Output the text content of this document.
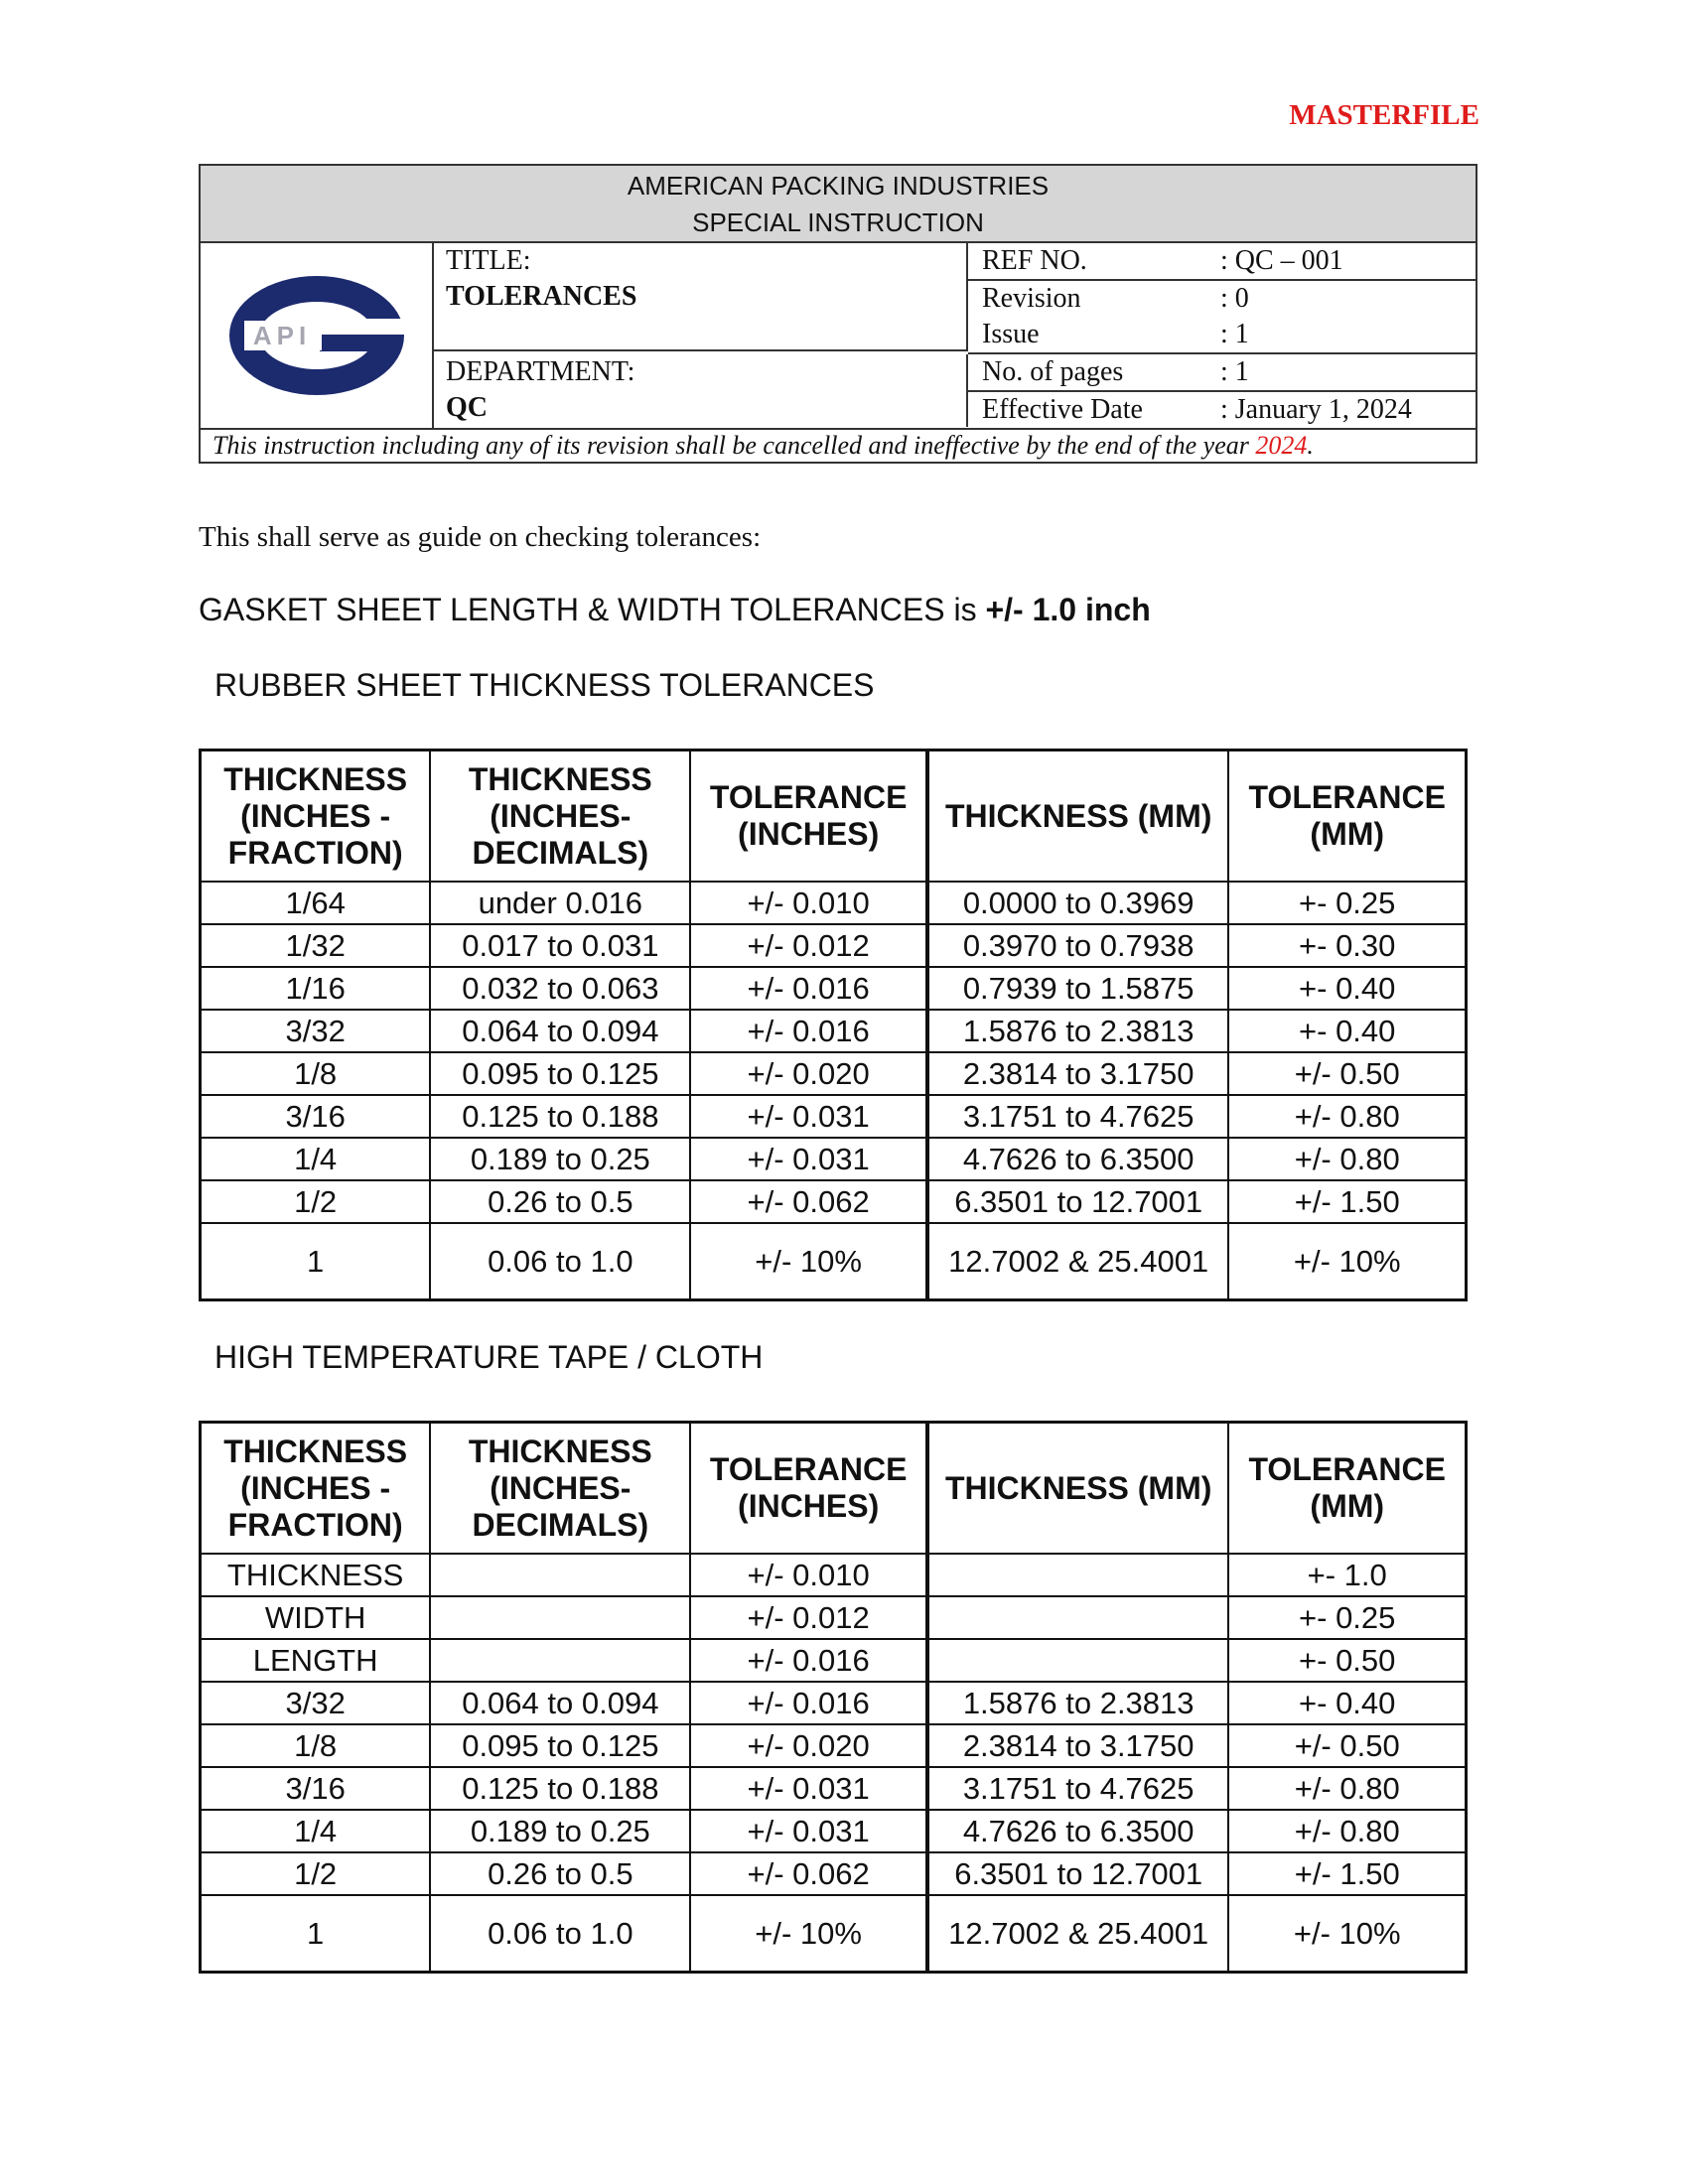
MASTERFILE
AMERICAN PACKING INDUSTRIES
SPECIAL INSTRUCTION
API
TITLE:
TOLERANCES
REF NO.	: QC – 001
Revision	: 0
Issue	: 1
DEPARTMENT:
QC
No. of pages	: 1
Effective Date	: January 1, 2024
This instruction including any of its revision shall be cancelled and ineffective by the end of the year 2024.
This shall serve as guide on checking tolerances:
GASKET SHEET LENGTH & WIDTH TOLERANCES is +/- 1.0 inch
RUBBER SHEET THICKNESS TOLERANCES
THICKNESS (INCHES - FRACTION)	THICKNESS (INCHES- DECIMALS)	TOLERANCE (INCHES)	THICKNESS (MM)	TOLERANCE (MM)
1/64	under 0.016	+/- 0.010	0.0000 to 0.3969	+- 0.25
1/32	0.017 to 0.031	+/- 0.012	0.3970 to 0.7938	+- 0.30
1/16	0.032 to 0.063	+/- 0.016	0.7939 to 1.5875	+- 0.40
3/32	0.064 to 0.094	+/- 0.016	1.5876 to 2.3813	+- 0.40
1/8	0.095 to 0.125	+/- 0.020	2.3814 to 3.1750	+/- 0.50
3/16	0.125 to 0.188	+/- 0.031	3.1751 to 4.7625	+/- 0.80
1/4	0.189 to 0.25	+/- 0.031	4.7626 to 6.3500	+/- 0.80
1/2	0.26 to 0.5	+/- 0.062	6.3501 to 12.7001	+/- 1.50
1	0.06 to 1.0	+/- 10%	12.7002 & 25.4001	+/- 10%
HIGH TEMPERATURE TAPE / CLOTH
THICKNESS (INCHES - FRACTION)	THICKNESS (INCHES- DECIMALS)	TOLERANCE (INCHES)	THICKNESS (MM)	TOLERANCE (MM)
THICKNESS		+/- 0.010		+- 1.0
WIDTH		+/- 0.012		+- 0.25
LENGTH		+/- 0.016		+- 0.50
3/32	0.064 to 0.094	+/- 0.016	1.5876 to 2.3813	+- 0.40
1/8	0.095 to 0.125	+/- 0.020	2.3814 to 3.1750	+/- 0.50
3/16	0.125 to 0.188	+/- 0.031	3.1751 to 4.7625	+/- 0.80
1/4	0.189 to 0.25	+/- 0.031	4.7626 to 6.3500	+/- 0.80
1/2	0.26 to 0.5	+/- 0.062	6.3501 to 12.7001	+/- 1.50
1	0.06 to 1.0	+/- 10%	12.7002 & 25.4001	+/- 10%
